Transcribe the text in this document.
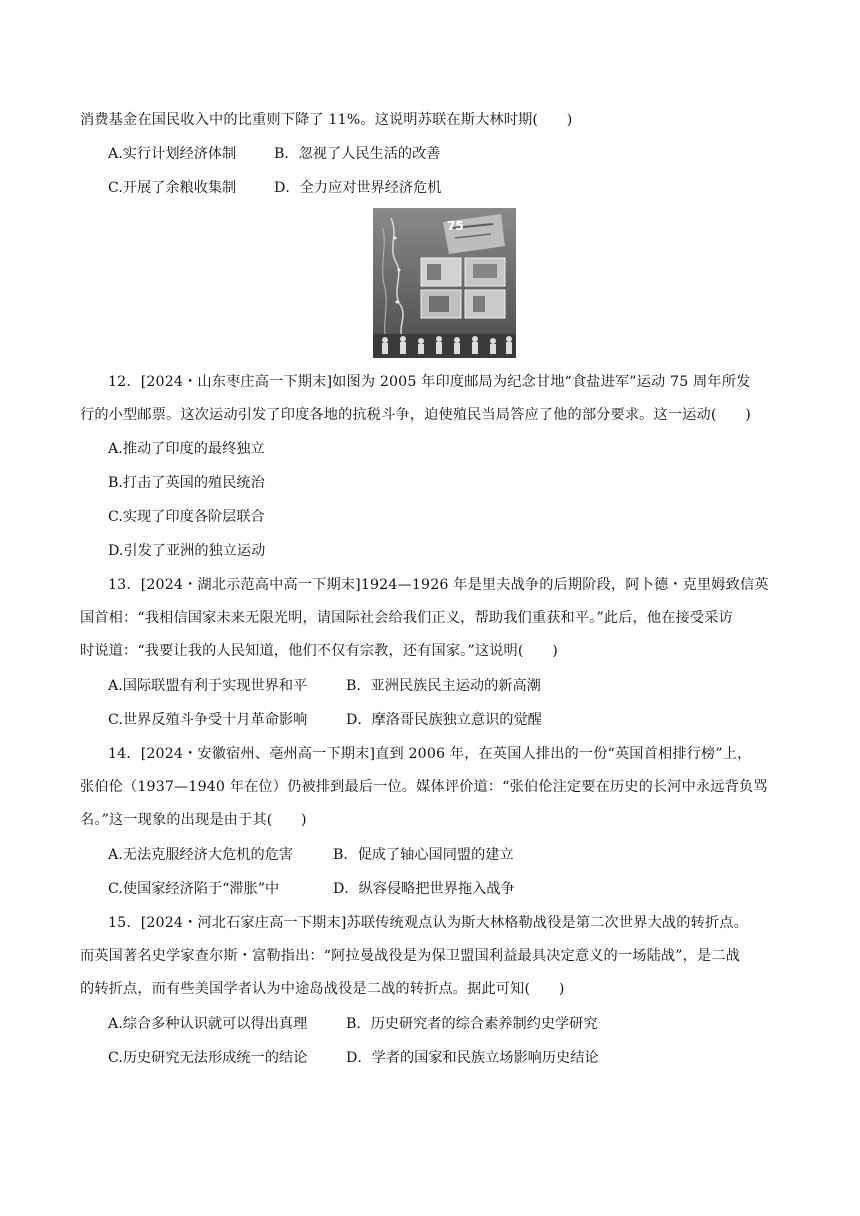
消费基金在国民收入中的比重则下降了 11%。这说明苏联在斯大林时期(　　)
A.实行计划经济体制	B．忽视了人民生活的改善
C.开展了余粮收集制	D．全力应对世界经济危机
75
12．[2024・山东枣庄高一下期末]如图为 2005 年印度邮局为纪念甘地“食盐进军”运动 75 周年所发
行的小型邮票。这次运动引发了印度各地的抗税斗争，迫使殖民当局答应了他的部分要求。这一运动(　　)
A.推动了印度的最终独立
B.打击了英国的殖民统治
C.实现了印度各阶层联合
D.引发了亚洲的独立运动
13．[2024・湖北示范高中高一下期末]1924—1926 年是里夫战争的后期阶段，阿卜德・克里姆致信英
国首相：“我相信国家未来无限光明，请国际社会给我们正义，帮助我们重获和平。”此后，他在接受采访
时说道：“我要让我的人民知道，他们不仅有宗教，还有国家。”这说明(　　)
A.国际联盟有利于实现世界和平	B．亚洲民族民主运动的新高潮
C.世界反殖斗争受十月革命影响	D．摩洛哥民族独立意识的觉醒
14．[2024・安徽宿州、亳州高一下期末]直到 2006 年，在英国人排出的一份“英国首相排行榜”上，
张伯伦（1937—1940 年在位）仍被排到最后一位。媒体评价道：“张伯伦注定要在历史的长河中永远背负骂
名。”这一现象的出现是由于其(　　)
A.无法克服经济大危机的危害	B．促成了轴心国同盟的建立
C.使国家经济陷于“滞胀”中	D．纵容侵略把世界拖入战争
15．[2024・河北石家庄高一下期末]苏联传统观点认为斯大林格勒战役是第二次世界大战的转折点。
而英国著名史学家查尔斯・富勒指出：“阿拉曼战役是为保卫盟国利益最具决定意义的一场陆战”，是二战
的转折点，而有些美国学者认为中途岛战役是二战的转折点。据此可知(　　)
A.综合多种认识就可以得出真理	B．历史研究者的综合素养制约史学研究
C.历史研究无法形成统一的结论	D．学者的国家和民族立场影响历史结论
